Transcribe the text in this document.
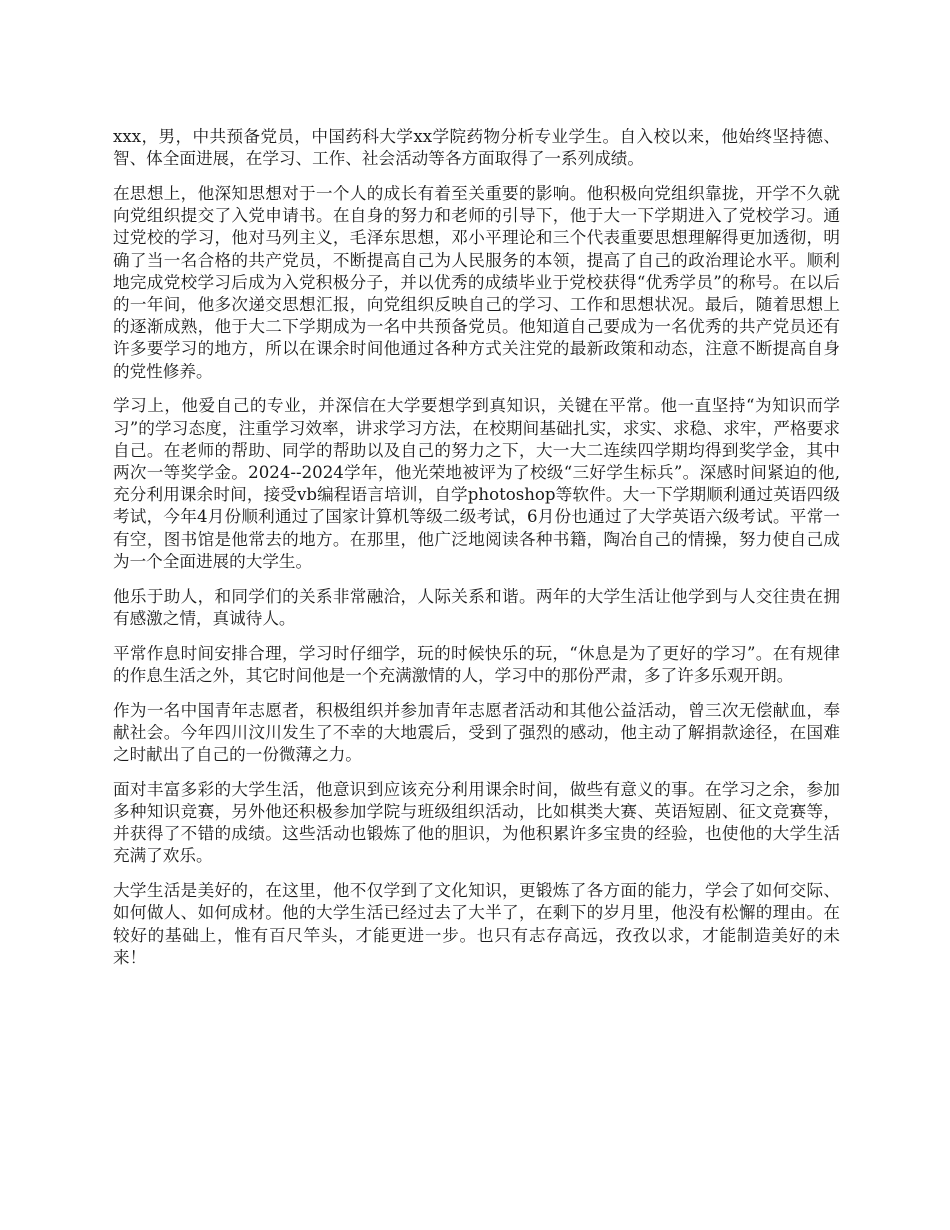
xxx，男，中共预备党员，中国药科大学xx学院药物分析专业学生。自入校以来，他始终坚持德、智、体全面进展，在学习、工作、社会活动等各方面取得了一系列成绩。

在思想上，他深知思想对于一个人的成长有着至关重要的影响。他积极向党组织靠拢，开学不久就向党组织提交了入党申请书。在自身的努力和老师的引导下，他于大一下学期进入了党校学习。通过党校的学习，他对马列主义，毛泽东思想，邓小平理论和三个代表重要思想理解得更加透彻，明确了当一名合格的共产党员，不断提高自己为人民服务的本领，提高了自己的政治理论水平。顺利地完成党校学习后成为入党积极分子，并以优秀的成绩毕业于党校获得“优秀学员”的称号。在以后的一年间，他多次递交思想汇报，向党组织反映自己的学习、工作和思想状况。最后，随着思想上的逐渐成熟，他于大二下学期成为一名中共预备党员。他知道自己要成为一名优秀的共产党员还有许多要学习的地方，所以在课余时间他通过各种方式关注党的最新政策和动态，注意不断提高自身的党性修养。

学习上，他爱自己的专业，并深信在大学要想学到真知识，关键在平常。他一直坚持“为知识而学习”的学习态度，注重学习效率，讲求学习方法，在校期间基础扎实，求实、求稳、求牢，严格要求自己。在老师的帮助、同学的帮助以及自己的努力之下，大一大二连续四学期均得到奖学金，其中两次一等奖学金。2024--2024学年，他光荣地被评为了校级“三好学生标兵”。深感时间紧迫的他,充分利用课余时间，接受vb编程语言培训，自学photoshop等软件。大一下学期顺利通过英语四级考试，今年4月份顺利通过了国家计算机等级二级考试，6月份也通过了大学英语六级考试。平常一有空，图书馆是他常去的地方。在那里，他广泛地阅读各种书籍，陶冶自己的情操，努力使自己成为一个全面进展的大学生。

他乐于助人，和同学们的关系非常融洽，人际关系和谐。两年的大学生活让他学到与人交往贵在拥有感激之情，真诚待人。

平常作息时间安排合理，学习时仔细学，玩的时候快乐的玩，“休息是为了更好的学习”。在有规律的作息生活之外，其它时间他是一个充满激情的人，学习中的那份严肃，多了许多乐观开朗。

作为一名中国青年志愿者，积极组织并参加青年志愿者活动和其他公益活动，曾三次无偿献血，奉献社会。今年四川汶川发生了不幸的大地震后，受到了强烈的感动，他主动了解捐款途径，在国难之时献出了自己的一份微薄之力。

面对丰富多彩的大学生活，他意识到应该充分利用课余时间，做些有意义的事。在学习之余，参加多种知识竞赛，另外他还积极参加学院与班级组织活动，比如棋类大赛、英语短剧、征文竞赛等，并获得了不错的成绩。这些活动也锻炼了他的胆识，为他积累许多宝贵的经验，也使他的大学生活充满了欢乐。

大学生活是美好的，在这里，他不仅学到了文化知识，更锻炼了各方面的能力，学会了如何交际、如何做人、如何成材。他的大学生活已经过去了大半了，在剩下的岁月里，他没有松懈的理由。在较好的基础上，惟有百尺竿头，才能更进一步。也只有志存高远，孜孜以求，才能制造美好的未来！
